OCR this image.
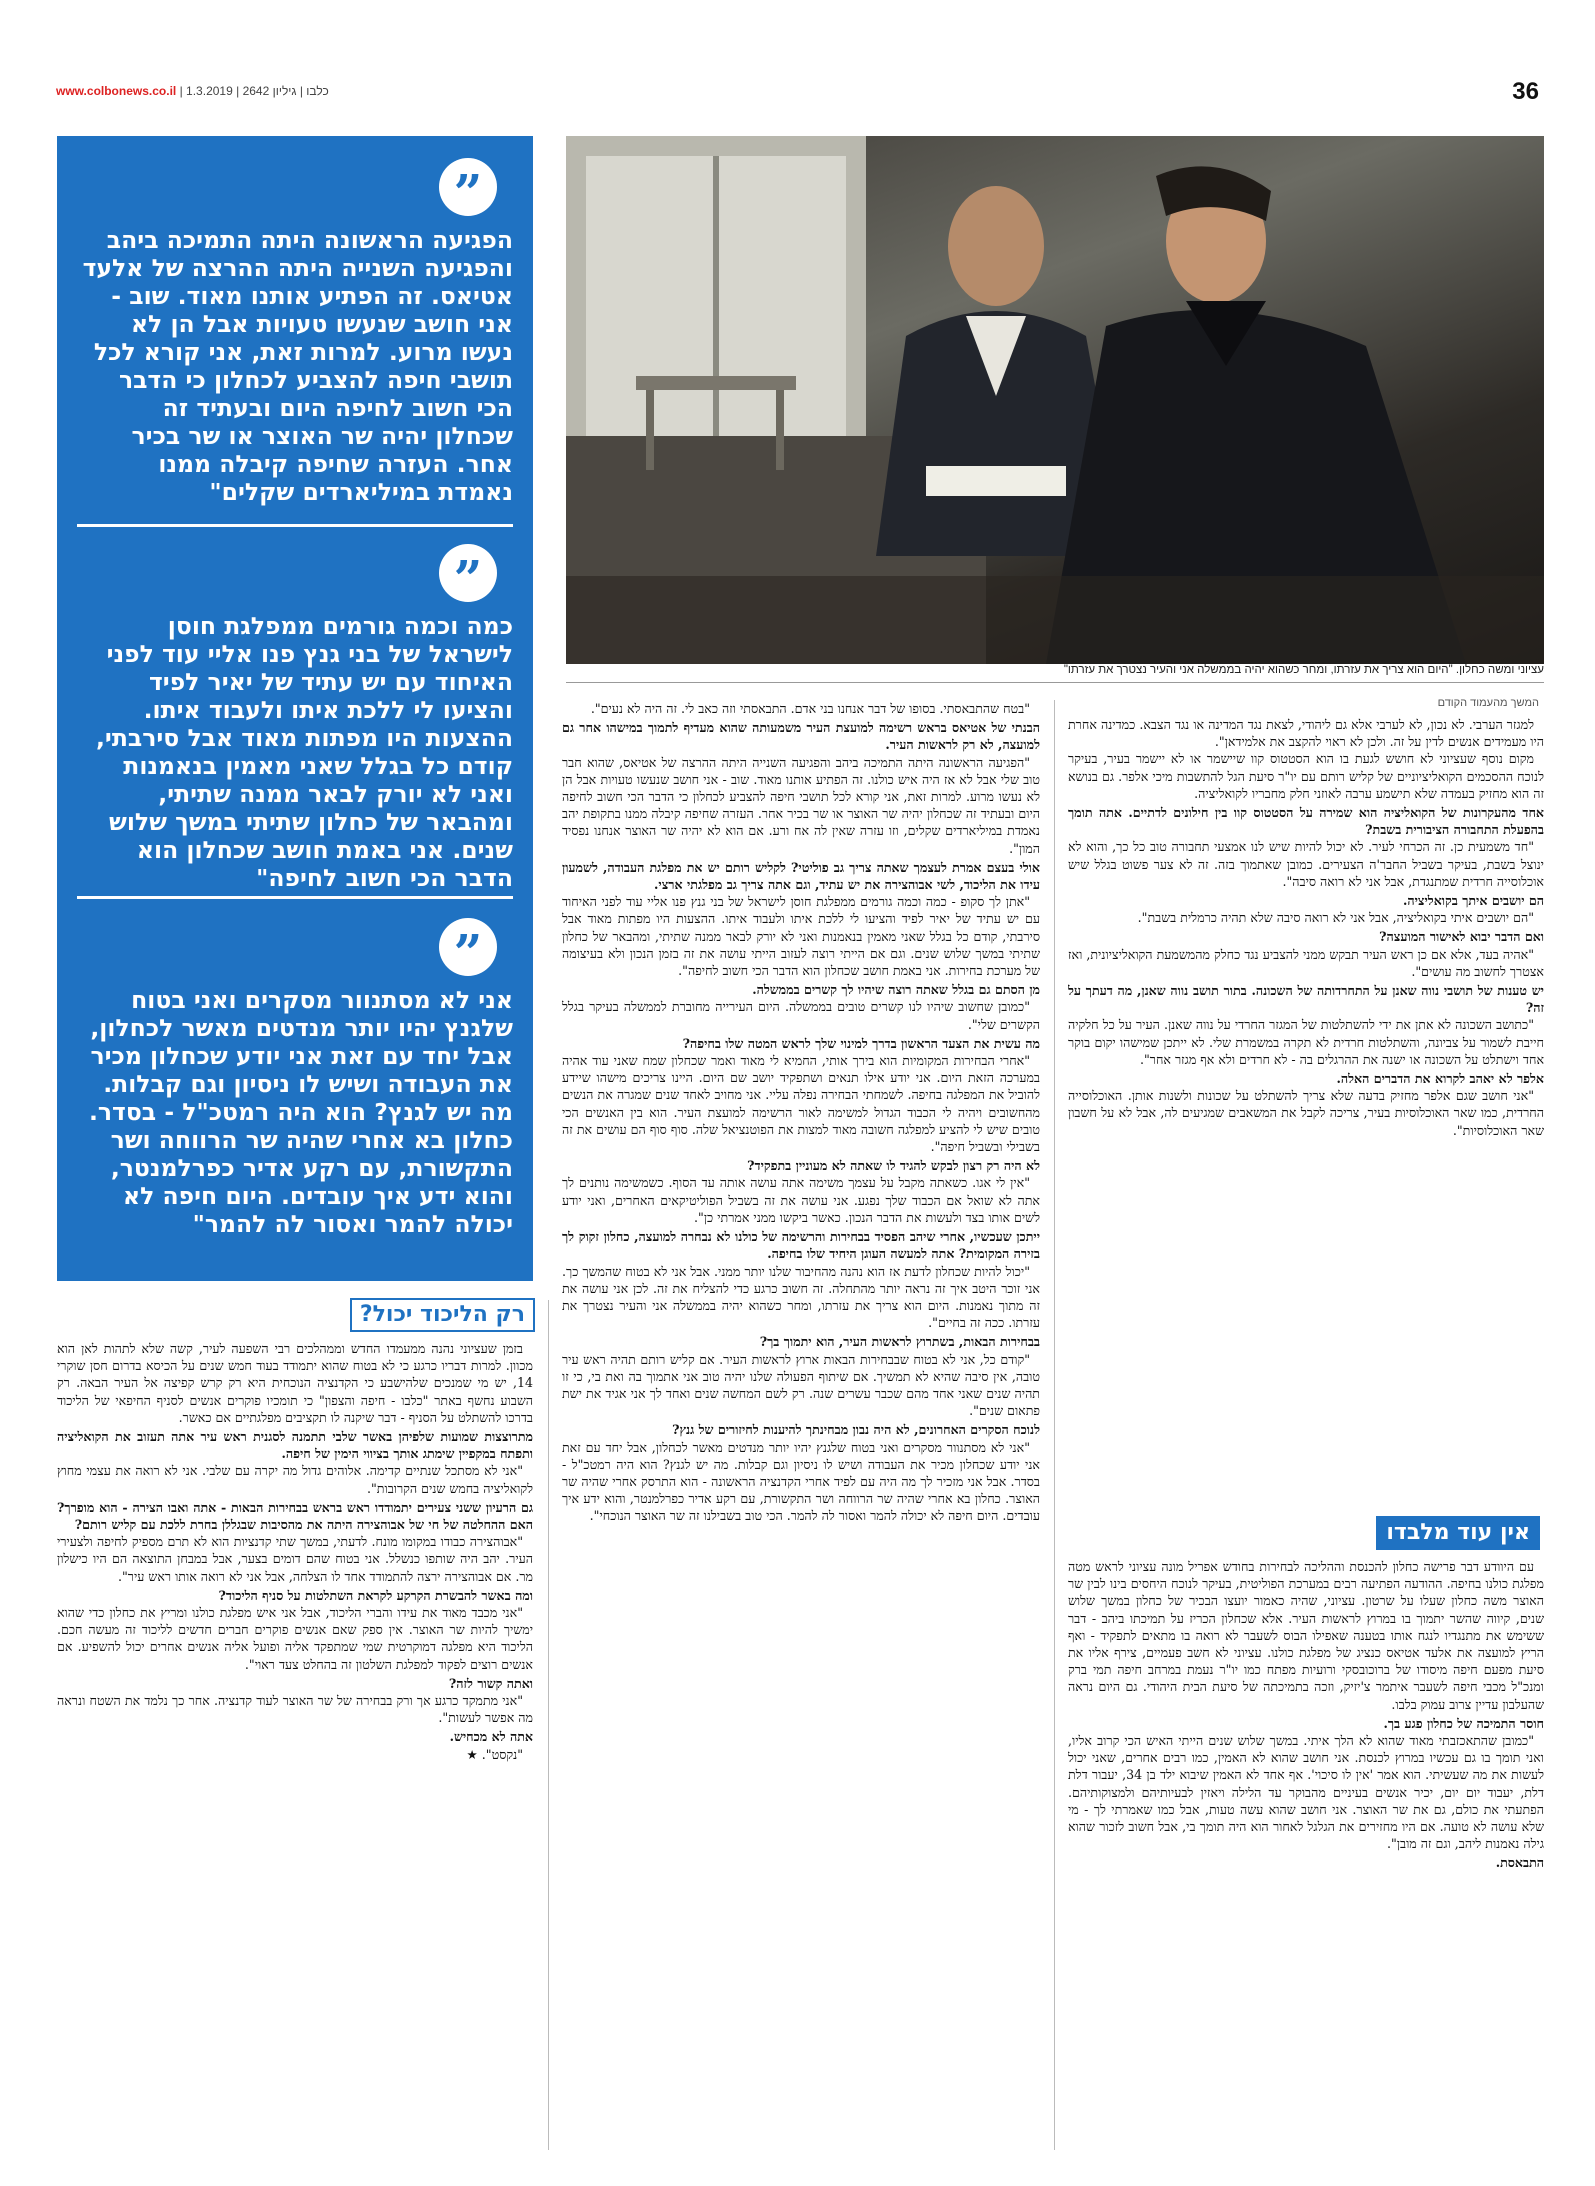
www.colbonews.co.il | כלבו | גיליון 2642 | 1.3.2019	36
”
הפגיעה הראשונה היתה התמיכה ביהב והפגיעה השנייה היתה ההרצה של אלעד אטיאס. זה הפתיע אותנו מאוד. שוב - אני חושב שנעשו טעויות אבל הן לא נעשו מרוע. למרות זאת, אני קורא לכל תושבי חיפה להצביע לכחלון כי הדבר הכי חשוב לחיפה היום ובעתיד זה שכחלון יהיה שר האוצר או שר בכיר אחר. העזרה שחיפה קיבלה ממנו נאמדת במיליארדים שקלים"
”
כמה וכמה גורמים ממפלגת חוסן לישראל של בני גנץ פנו אליי עוד לפני האיחוד עם יש עתיד של יאיר לפיד והציעו לי ללכת איתו ולעבוד איתו. ההצעות היו מפתות מאוד אבל סירבתי, קודם כל בגלל שאני מאמין בנאמנות ואני לא יורק לבאר ממנה שתיתי, ומהבאר של כחלון שתיתי במשך שלוש שנים. אני באמת חושב שכחלון הוא הדבר הכי חשוב לחיפה"
”
אני לא מסתנוור מסקרים ואני בטוח שלגנץ יהיו יותר מנדטים מאשר לכחלון, אבל יחד עם זאת אני יודע שכחלון מכיר את העבודה ושיש לו ניסיון וגם קבלות. מה יש לגנץ? הוא היה רמטכ"ל - בסדר. כחלון בא אחרי שהיה שר הרווחה ושר התקשורת, עם רקע אדיר כפרלמנטר, והוא ידע איך עובדים. היום חיפה לא יכולה להמר ואסור לה להמר"
עציוני ומשה כחלון. "היום הוא צריך את עזרתו, ומחר כשהוא יהיה בממשלה אני והעיר נצטרך את עזרתו"
המשך מהעמוד הקודם

למגזר הערבי. לא נכון, לא לערבי אלא גם ליהודי, לצאת נגד המדינה או נגד הצבא. כמדינה אחרת היו מעמידים אנשים לדין על זה. ולכן לא ראוי להקצב את אלמידאן".

מקום נוסף שעציוני לא חושש לגעת בו הוא הסטטוס קוו שיישמר או לא יישמר בעיר, בעיקר לנוכח ההסכמים הקואליציוניים של קליש רותם עם יו"ר סיעת הגל להתשבות מיכי אלפר. גם בנושא זה הוא מחזיק בעמדה שלא תישמע ערבה לאוזני חלק מחבריו לקואליציה.

אחד מהעקרונות של הקואליציה הוא שמירה על הסטטוס קוו בין חילונים לדתיים. אתה תומך בהפעלת התחבורה הציבורית בשבת?

"חד משמעית כן. זה הכרחי לעיר. לא יכול להיות שיש לנו אמצעי תחבורה טוב כל כך, והוא לא ינוצל בשבת, בעיקר בשביל החבר'ה הצעירים. כמובן שאתמוך בזה. זה לא צער פשוט בגלל שיש אוכלוסייה חרדית שמתנגדת, אבל אני לא רואה סיבה".

הם יושבים איתך בקואליציה.

"הם יושבים איתי בקואליציה, אבל אני לא רואה סיבה שלא תהיה כרמלית בשבת".

ואם הדבר יבוא לאישור המועצה?

"אהיה בעד, אלא אם כן ראש העיר תבקש ממני להצביע נגד כחלק מהמשמעת הקואליציונית, ואז אצטרך לחשוב מה עושים".

יש טענות של תושבי נווה שאנן על התחרדותה של השכונה. בתור תושב נווה שאנן, מה דעתך על זה?

"כתושב השכונה לא אתן את ידי להשתלטות של המגזר החרדי על נווה שאנן. העיר על כל חלקיה חייבת לשמור על צביונה, והשתלטות חרדית לא תקרה במשמרת שלי. לא ייתכן שמישהו יקום בוקר אחד וישתלט על השכונה או ישנה את ההרגלים בה - לא חרדים ולא אף מגזר אחר".

אלפר לא יאהב לקרוא את הדברים האלה.

"אני חושב שגם אלפר מחזיק בדעה שלא צריך להשתלט על שכונות ולשנות אותן. האוכלוסייה החרדית, כמו שאר האוכלוסיות בעיר, צריכה לקבל את המשאבים שמגיעים לה, אבל לא על חשבון שאר האוכלוסיות".

אין עוד מלבדו

עם היוודע דבר פרישה כחלון להכנסת וההליכה לבחירות בחודש אפריל מונה עציוני לראש מטה מפלגת כולנו בחיפה. ההודעה הפתיעה רבים במערכת הפוליטית, בעיקר לנוכח היחסים בינו לבין שר האוצר משה כחלון שעלו על שרטון. עציוני, שהיה כאמור יועצו הבכיר של כחלון במשך שלוש שנים, קיווה שהשר יתמוך בו במרוץ לראשות העיר. אלא שכחלון הכריז על תמיכתו ביהב - דבר ששימש את מתנגדיו לנגח אותו בטענה שאפילו הבוס לשעבר לא רואה בו מתאים לתפקיד - ואף הריץ למועצה את אלעד אטיאס כנציג של מפלגת כולנו. עציוני לא חשב פעמיים, צירף אליו את סיעת מפעם חיפה מיסודו של ברוכובסקי ורועיות מפתח כמו יו"ר נעמת במרחב חיפה תמי ברק ומנכ"ל מכבי חיפה לשעבר איתמר צ'יזיק, וזכה בתמיכתה של סיעת הבית היהודי. גם היום נראה שהעלבון עדיין צרוב עמוק בלבו.

חוסר התמיכה של כחלון פגע בך.

"כמובן שהתאכזבתי מאוד שהוא לא הלך איתי. במשך שלוש שנים הייתי האיש הכי קרוב אליו, ואני תומך בו גם עכשיו במרוץ לכנסת. אני חושב שהוא לא האמין, כמו רבים אחרים, שאני יכול לעשות את מה שעשיתי. הוא אמר 'אין לו סיכוי'. אף אחד לא האמין שיבוא ילד בן 34, יעבור דלת דלת, יעבוד יום יום, יכיר אנשים בעיניים מהבוקר עד הלילה ויאזין לבעיותיהם ולמצוקותיהם. הפתעתי את כולם, גם את שר האוצר. אני חושב שהוא עשה טעות, אבל כמו שאמרתי לך - מי שלא עושה לא טועה. אם היו מחזירים את הגלגל לאחור הוא היה תומך בי, אבל חשוב לזכור שהוא גילה נאמנות ליהב, וגם זה מובן".

התבאסת.

"בטח שהתבאסתי. בסופו של דבר אנחנו בני אדם. התבאסתי וזה כאב לי. זה היה לא נעים".

הבנתי של אטיאס בראש רשימה למועצת העיר משמעותה שהוא מעדיף לתמוך במישהו אחר גם למועצה, לא רק לראשות העיר.

"הפגיעה הראשונה היתה התמיכה ביהב והפגיעה השנייה היתה ההרצה של אטיאס, שהוא חבר טוב שלי אבל לא אז היה איש כולנו. זה הפתיע אותנו מאוד. שוב - אני חושב שנעשו טעויות אבל הן לא נעשו מרוע. למרות זאת, אני קורא לכל תושבי חיפה להצביע לכחלון כי הדבר הכי חשוב לחיפה היום ובעתיד זה שכחלון יהיה שר האוצר או שר בכיר אחר. העזרה שחיפה קיבלה ממנו בתקופת יהב נאמדת במיליארדים שקלים, וזו עזרה שאין לה אח ורע. אם הוא לא יהיה שר האוצר אנחנו נפסיד המון".

אולי בעצם אמרת לעצמך שאתה צריך גב פוליטי? לקליש רותם יש את מפלגת העבודה, לשמעון עידו את הליכוד, לשי אבוהצירה את יש עתיד, וגם אתה צריך גב מפלגתי ארצי.

"אתן לך סקופ - כמה וכמה גורמים ממפלגת חוסן לישראל של בני גנץ פנו אליי עוד לפני האיחוד עם יש עתיד של יאיר לפיד והציעו לי ללכת איתו ולעבוד איתו. ההצעות היו מפתות מאוד אבל סירבתי, קודם כל בגלל שאני מאמין בנאמנות ואני לא יורק לבאר ממנה שתיתי, ומהבאר של כחלון שתיתי במשך שלוש שנים. וגם אם הייתי רוצה לעזוב הייתי עושה את זה בזמן הנכון ולא בעיצומה של מערכת בחירות. אני באמת חושב שכחלון הוא הדבר הכי חשוב לחיפה".

מן הסתם גם בגלל שאתה רוצה שיהיו לך קשרים בממשלה.

"כמובן שחשוב שיהיו לנו קשרים טובים בממשלה. היום העירייה מחוברת לממשלה בעיקר בגלל הקשרים שלי".

מה עשית את הצעד הראשון בדרך למינוי שלך לראש המטה שלו בחיפה?

"אחרי הבחירות המקומיות הוא בירך אותי, החמיא לי מאוד ואמר שכחלון שמח שאני עוד אהיה במערכה הזאת היום. אני יודע אילו תנאים ושתפקיד יושב שם היום. היינו צריכים מישהו שיידע להוביל את המפלגה בחיפה. לשמחתי הבחירה נפלה עליי. אני מחויב לאחד שנים שמגרה את הנשים מהחשובים ויהיה לי הכבוד הגדול למשימה לאור הרשימה למועצת העיר. הוא בין האנשים הכי טובים שיש לי להציע למפלגה חשובה מאוד למצות את הפוטנציאל שלה. סוף סוף הם עושים את זה בשבילי ובשביל חיפה".

לא היה רק רצון לבקש להגיד לו שאתה לא מעוניין בתפקיד?

"אין לי אגו. כשאתה מקבל על עצמך משימה אתה עושה אותה עד הסוף. כשמשימה נותנים לך אתה לא שואל אם הכבוד שלך נפגע. אני עושה את זה בשביל הפוליטיקאים האחרים, ואני יודע לשים אותו בצד ולעשות את הדבר הנכון. כאשר ביקשו ממני אמרתי כן".

ייתכן שעכשיו, אחרי שיהב הפסיד בבחירות והרשימה של כולנו לא נבחרה למועצה, כחלון זקוק לך בזירה המקומית? אתה למעשה העוגן היחיד שלו בחיפה.

"יכול להיות שכחלון לדעת אז הוא נהנה מהחיבור שלנו יותר ממני. אבל אני לא בטוח שהמשך כך. אני זוכר היטב איך זה נראה יותר מהתחלה. זה חשוב כרגע כדי להצליח את זה. לכן אני עושה את זה מתוך נאמנות. היום הוא צריך את עזרתו, ומחר כשהוא יהיה בממשלה אני והעיר נצטרך את עזרתו. ככה זה בחיים".

בבחירות הבאות, בשתרוץ לראשות העיר, הוא יתמוך בך?

"קודם כל, אני לא בטוח שבבחירות הבאות ארוץ לראשות העיר. אם קליש רותם תהיה ראש עיר טובה, אין סיבה שהיא לא תמשיך. אם שיתוף הפעולה שלנו יהיה טוב אני אתמוך בה ואת בי, כי זו תהיה שנים שאני אחד מהם שכבר עשרים שנה. רק לשם המחשה שנים ואחד לך אני אגיד את ישת פתאום שנים".

לנוכח הסקרים האחרונים, לא היה נבון מבחינתך להיענות לחיזורים של גנץ?

"אני לא מסתנוור מסקרים ואני בטוח שלגנץ יהיו יותר מנדטים מאשר לכחלון, אבל יחד עם זאת אני יודע שכחלון מכיר את העבודה ושיש לו ניסיון וגם קבלות. מה יש לגנץ? הוא היה רמטכ"ל - בסדר. אבל אני מזכיר לך מה היה עם לפיד אחרי הקדנציה הראשונה - הוא התרסק אחרי שהיה שר האוצר. כחלון בא אחרי שהיה שר הרווחה ושר התקשורת, עם רקע אדיר כפרלמנטר, והוא ידע איך עובדים. היום חיפה לא יכולה להמר ואסור לה להמר. הכי טוב בשבילנו זה שר האוצר הנוכחי".

רק הליכוד יכול?

בזמן שעציוני נהנה ממעמדו החדש וממהלכים רבי השפעה לעיר, קשה שלא לתהות לאן הוא מכוון. למרות דבריו כרגע כי לא בטוח שהוא יתמודד בעוד חמש שנים על הכיסא בדרום חסן שוקרי 14, יש מי שמנכים שלהישבע כי הקדנציה הנוכחית היא רק קרש קפיצה אל העיר הבאה. רק השבוע נחשף באתר "כלבו - חיפה והצפון" כי תומכיו פוקרים אנשים לסניף החיפאי של הליכוד בדרכו להשתלט על הסניף - דבר שיקנה לו תקציבים מפלגתיים אם כאשר.

מתרוצצות שמועות שלפיהן באשר שלבי תתמנה לסגנית ראש עיר אתה תעזוב את הקואליציה ותפתח במקפיין שימתג אותך בציווי הימין של חיפה.

"אני לא מסתכל שנתיים קדימה. אלוהים גדול מה יקרה עם שלבי. אני לא רואה את עצמי מחוץ לקואליציה בחמש שנים הקרובות".

גם הרעיון ששני צעירים יתמודדו ראש בראש בבחירות הבאות - אתה ואבו הצירה - הוא מופרך? האם ההחלטה של חי של אבוהצירה היתה את מהסיבות שבגללן בחרת ללכת עם קליש רותם?

"אבוהצירה כבודו במקומו מונח. לדעתי, במשך שתי קדנציות הוא לא תרם מספיק לחיפה ולצעירי העיר. יהב היה שותפו כנשלל. אני בטוח שהם דומים בצער, אבל במבחן התוצאה הם היו כישלון מר. אם אבוהצירה ירצה להתמודד אחד לו הצלחה, אבל אני לא רואה אותו ראש עיר".

ומה באשר להבשרת הקרקע לקראת השתלטות על סניף הליכוד?

"אני מכבד מאוד את עידו והברי הליכוד, אבל אני איש מפלגת כולנו ומריץ את כחלון כדי שהוא ימשיך להיות שר האוצר. אין ספק שאם אנשים פוקרים חברים חדשים לליכוד זה מעשה חכם. הליכוד היא מפלגה דמוקרטית שמי שמתפקד אליה ופועל אליה אנשים אחרים יכול להשפיע. אם אנשים רוצים לפקוד למפלגת השלטון זה בהחלט צעד ראוי".

ואתה קשור לזה?

"אני מתמקד כרגע אך ורק בבחירה של שר האוצר לעוד קדנציה. אחר כך נלמד את השטח ונראה מה אפשר לעשות".

אתה לא מכחיש.

"נקסט". ★
